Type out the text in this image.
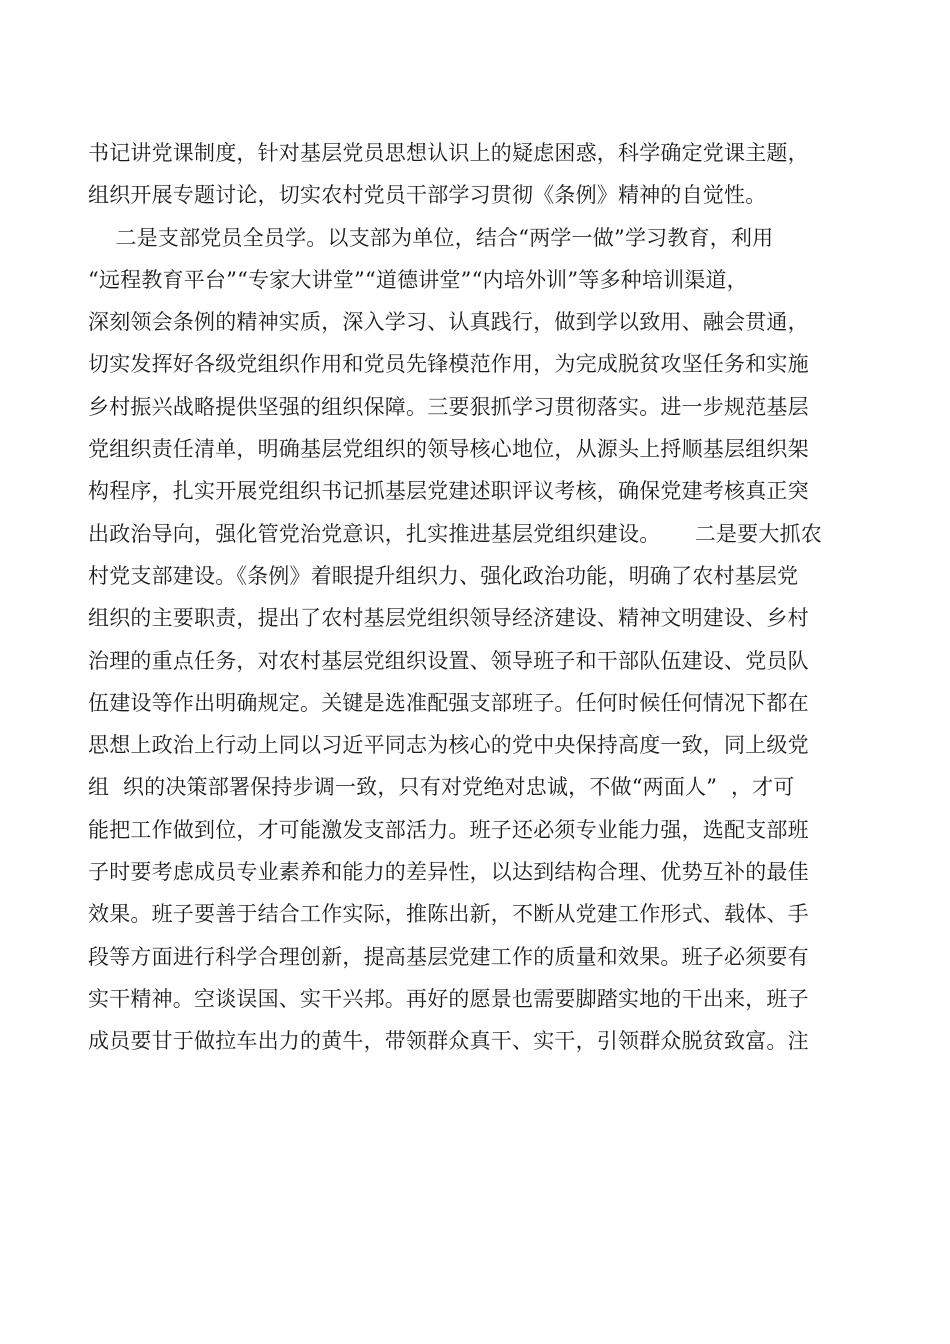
书记讲党课制度，针对基层党员思想认识上的疑虑困惑，科学确定党课主题，
组织开展专题讨论，切实农村党员干部学习贯彻《条例》精神的自觉性。
二是支部党员全员学。以支部为单位，结合“两学一做”学习教育，利用
“远程教育平台”“专家大讲堂”“道德讲堂”“内培外训”等多种培训渠道，
深刻领会条例的精神实质，深入学习、认真践行，做到学以致用、融会贯通，
切实发挥好各级党组织作用和党员先锋模范作用，为完成脱贫攻坚任务和实施
乡村振兴战略提供坚强的组织保障。三要狠抓学习贯彻落实。进一步规范基层
党组织责任清单，明确基层党组织的领导核心地位，从源头上捋顺基层组织架
构程序，扎实开展党组织书记抓基层党建述职评议考核，确保党建考核真正突
出政治导向，强化管党治党意识，扎实推进基层党组织建设。     二是要大抓农
村党支部建设。《条例》着眼提升组织力、强化政治功能，明确了农村基层党
组织的主要职责，提出了农村基层党组织领导经济建设、精神文明建设、乡村
治理的重点任务，对农村基层党组织设置、领导班子和干部队伍建设、党员队
伍建设等作出明确规定。关键是选准配强支部班子。任何时候任何情况下都在
思想上政治上行动上同以习近平同志为核心的党中央保持高度一致，同上级党
组  织的决策部署保持步调一致，只有对党绝对忠诚，不做“两面人”  ，才可
能把工作做到位，才可能激发支部活力。班子还必须专业能力强，选配支部班
子时要考虑成员专业素养和能力的差异性，以达到结构合理、优势互补的最佳
效果。班子要善于结合工作实际，推陈出新，不断从党建工作形式、载体、手
段等方面进行科学合理创新，提高基层党建工作的质量和效果。班子必须要有
实干精神。空谈误国、实干兴邦。再好的愿景也需要脚踏实地的干出来，班子
成员要甘于做拉车出力的黄牛，带领群众真干、实干，引领群众脱贫致富。注
